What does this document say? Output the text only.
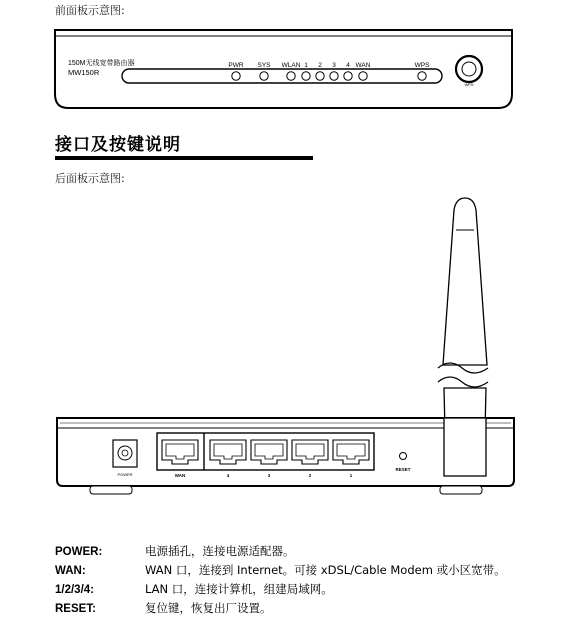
前面板示意图:
150M无线宽带路由器
MW150R
PWR SYS WLAN 1 2 3 4 WAN	WPS
WPS
接口及按键说明
后面板示意图:
POWER	WAN	4	3	2	1
RESET
POWER:	电源插孔，连接电源适配器。
WAN:	WAN 口，连接到 Internet。可接 xDSL/Cable Modem 或小区宽带。
1/2/3/4:	LAN 口，连接计算机，组建局域网。
RESET:	复位键，恢复出厂设置。
